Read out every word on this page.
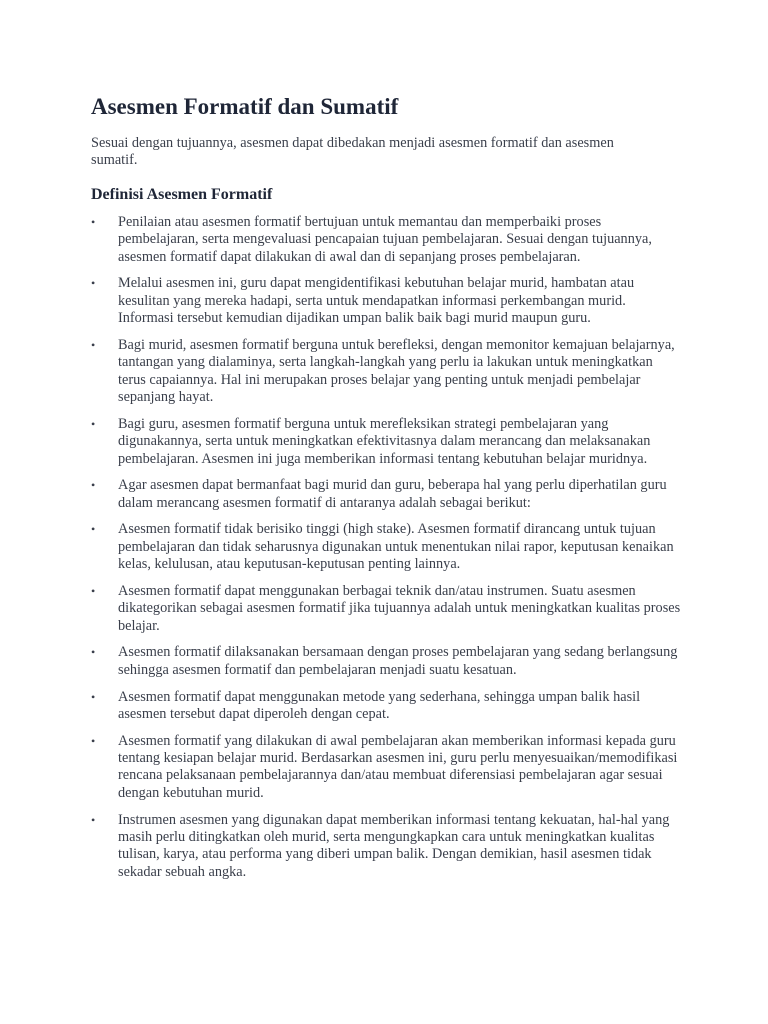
Asesmen Formatif dan Sumatif

Sesuai dengan tujuannya, asesmen dapat dibedakan menjadi asesmen formatif dan asesmen sumatif.

Definisi Asesmen Formatif
•	Penilaian atau asesmen formatif bertujuan untuk memantau dan memperbaiki proses pembelajaran, serta mengevaluasi pencapaian tujuan pembelajaran. Sesuai dengan tujuannya, asesmen formatif dapat dilakukan di awal dan di sepanjang proses pembelajaran.
•	Melalui asesmen ini, guru dapat mengidentifikasi kebutuhan belajar murid, hambatan atau kesulitan yang mereka hadapi, serta untuk mendapatkan informasi perkembangan murid. Informasi tersebut kemudian dijadikan umpan balik baik bagi murid maupun guru.
•	Bagi murid, asesmen formatif berguna untuk berefleksi, dengan memonitor kemajuan belajarnya, tantangan yang dialaminya, serta langkah-langkah yang perlu ia lakukan untuk meningkatkan terus capaiannya. Hal ini merupakan proses belajar yang penting untuk menjadi pembelajar sepanjang hayat.
•	Bagi guru, asesmen formatif berguna untuk merefleksikan strategi pembelajaran yang digunakannya, serta untuk meningkatkan efektivitasnya dalam merancang dan melaksanakan pembelajaran. Asesmen ini juga memberikan informasi tentang kebutuhan belajar muridnya.
•	Agar asesmen dapat bermanfaat bagi murid dan guru, beberapa hal yang perlu diperhatilan guru dalam merancang asesmen formatif di antaranya adalah sebagai berikut:
•	Asesmen formatif tidak berisiko tinggi (high stake). Asesmen formatif dirancang untuk tujuan pembelajaran dan tidak seharusnya digunakan untuk menentukan nilai rapor, keputusan kenaikan kelas, kelulusan, atau keputusan-keputusan penting lainnya.
•	Asesmen formatif dapat menggunakan berbagai teknik dan/atau instrumen. Suatu asesmen dikategorikan sebagai asesmen formatif jika tujuannya adalah untuk meningkatkan kualitas proses belajar.
•	Asesmen formatif dilaksanakan bersamaan dengan proses pembelajaran yang sedang berlangsung sehingga asesmen formatif dan pembelajaran menjadi suatu kesatuan.
•	Asesmen formatif dapat menggunakan metode yang sederhana, sehingga umpan balik hasil asesmen tersebut dapat diperoleh dengan cepat.
•	Asesmen formatif yang dilakukan di awal pembelajaran akan memberikan informasi kepada guru tentang kesiapan belajar murid. Berdasarkan asesmen ini, guru perlu menyesuaikan/memodifikasi rencana pelaksanaan pembelajarannya dan/atau membuat diferensiasi pembelajaran agar sesuai dengan kebutuhan murid.
•	Instrumen asesmen yang digunakan dapat memberikan informasi tentang kekuatan, hal-hal yang masih perlu ditingkatkan oleh murid, serta mengungkapkan cara untuk meningkatkan kualitas tulisan, karya, atau performa yang diberi umpan balik. Dengan demikian, hasil asesmen tidak sekadar sebuah angka.
